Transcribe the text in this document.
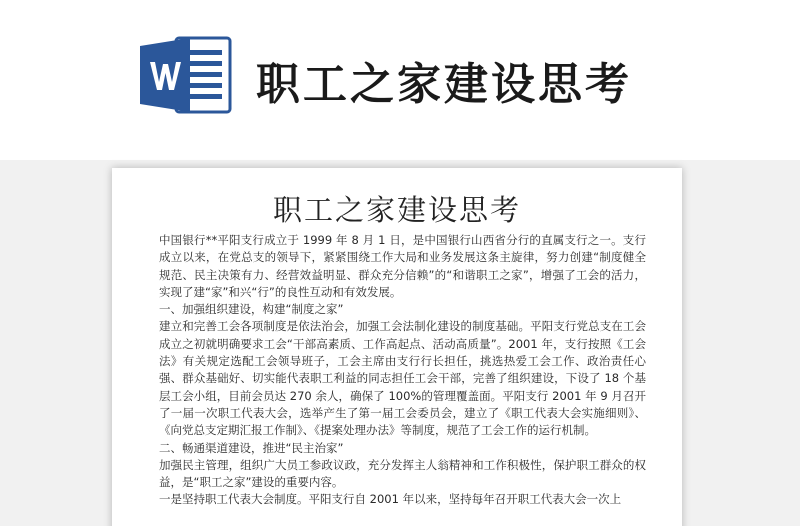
职工之家建设思考
职工之家建设思考

中国银行**平阳支行成立于 1999 年 8 月 1 日，是中国银行山西省分行的直属支行之一。支行成立以来，在党总支的领导下，紧紧围绕工作大局和业务发展这条主旋律，努力创建“制度健全规范、民主决策有力、经营效益明显、群众充分信赖”的“和谐职工之家”，增强了工会的活力，实现了建“家”和兴“行”的良性互动和有效发展。

一、加强组织建设，构建“制度之家”

建立和完善工会各项制度是依法治会，加强工会法制化建设的制度基础。平阳支行党总支在工会成立之初就明确要求工会“干部高素质、工作高起点、活动高质量”。2001 年，支行按照《工会法》有关规定选配工会领导班子，工会主席由支行行长担任，挑选热爱工会工作、政治责任心强、群众基础好、切实能代表职工利益的同志担任工会干部，完善了组织建设，下设了 18 个基层工会小组，目前会员达 270 余人，确保了 100%的管理覆盖面。平阳支行 2001 年 9 月召开了一届一次职工代表大会，选举产生了第一届工会委员会，建立了《职工代表大会实施细则》、《向党总支定期汇报工作制》、《提案处理办法》等制度，规范了工会工作的运行机制。

二、畅通渠道建设，推进“民主治家”

加强民主管理，组织广大员工参政议政，充分发挥主人翁精神和工作积极性，保护职工群众的权益，是“职工之家”建设的重要内容。

一是坚持职工代表大会制度。平阳支行自 2001 年以来，坚持每年召开职工代表大会一次上
